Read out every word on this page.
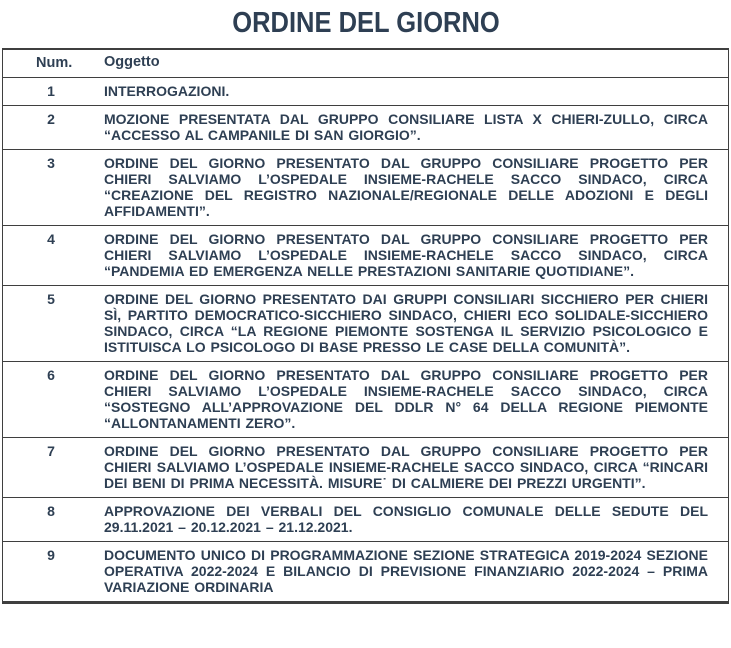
ORDINE DEL GIORNO
Num.	Oggetto
1	INTERROGAZIONI.
2	MOZIONE PRESENTATA DAL GRUPPO CONSILIARE LISTA X CHIERI-ZULLO, CIRCA “ACCESSO AL CAMPANILE DI SAN GIORGIO”.
3	ORDINE DEL GIORNO PRESENTATO DAL GRUPPO CONSILIARE PROGETTO PER CHIERI SALVIAMO L’OSPEDALE INSIEME-RACHELE SACCO SINDACO, CIRCA “CREAZIONE DEL REGISTRO NAZIONALE/REGIONALE DELLE ADOZIONI E DEGLI AFFIDAMENTI”.
4	ORDINE DEL GIORNO PRESENTATO DAL GRUPPO CONSILIARE PROGETTO PER CHIERI SALVIAMO L’OSPEDALE INSIEME-RACHELE SACCO SINDACO, CIRCA “PANDEMIA ED EMERGENZA NELLE PRESTAZIONI SANITARIE QUOTIDIANE”.
5	ORDINE DEL GIORNO PRESENTATO DAI GRUPPI CONSILIARI SICCHIERO PER CHIERI SÌ, PARTITO DEMOCRATICO-SICCHIERO SINDACO, CHIERI ECO SOLIDALE-SICCHIERO SINDACO, CIRCA “LA REGIONE PIEMONTE SOSTENGA IL SERVIZIO PSICOLOGICO E ISTITUISCA LO PSICOLOGO DI BASE PRESSO LE CASE DELLA COMUNITÀ”.
6	ORDINE DEL GIORNO PRESENTATO DAL GRUPPO CONSILIARE PROGETTO PER CHIERI SALVIAMO L’OSPEDALE INSIEME-RACHELE SACCO SINDACO, CIRCA “SOSTEGNO ALL’APPROVAZIONE DEL DDLR N° 64 DELLA REGIONE PIEMONTE “ALLONTANAMENTI ZERO”.
7	ORDINE DEL GIORNO PRESENTATO DAL GRUPPO CONSILIARE PROGETTO PER CHIERI SALVIAMO L’OSPEDALE INSIEME-RACHELE SACCO SINDACO, CIRCA “RINCARI DEI BENI DI PRIMA NECESSITÀ. MISURE˙ DI CALMIERE DEI PREZZI URGENTI”.
8	APPROVAZIONE DEI VERBALI DEL CONSIGLIO COMUNALE DELLE SEDUTE DEL 29.11.2021 – 20.12.2021 – 21.12.2021.
9	DOCUMENTO UNICO DI PROGRAMMAZIONE SEZIONE STRATEGICA 2019-2024 SEZIONE OPERATIVA 2022-2024 E BILANCIO DI PREVISIONE FINANZIARIO 2022-2024 – PRIMA VARIAZIONE ORDINARIA
